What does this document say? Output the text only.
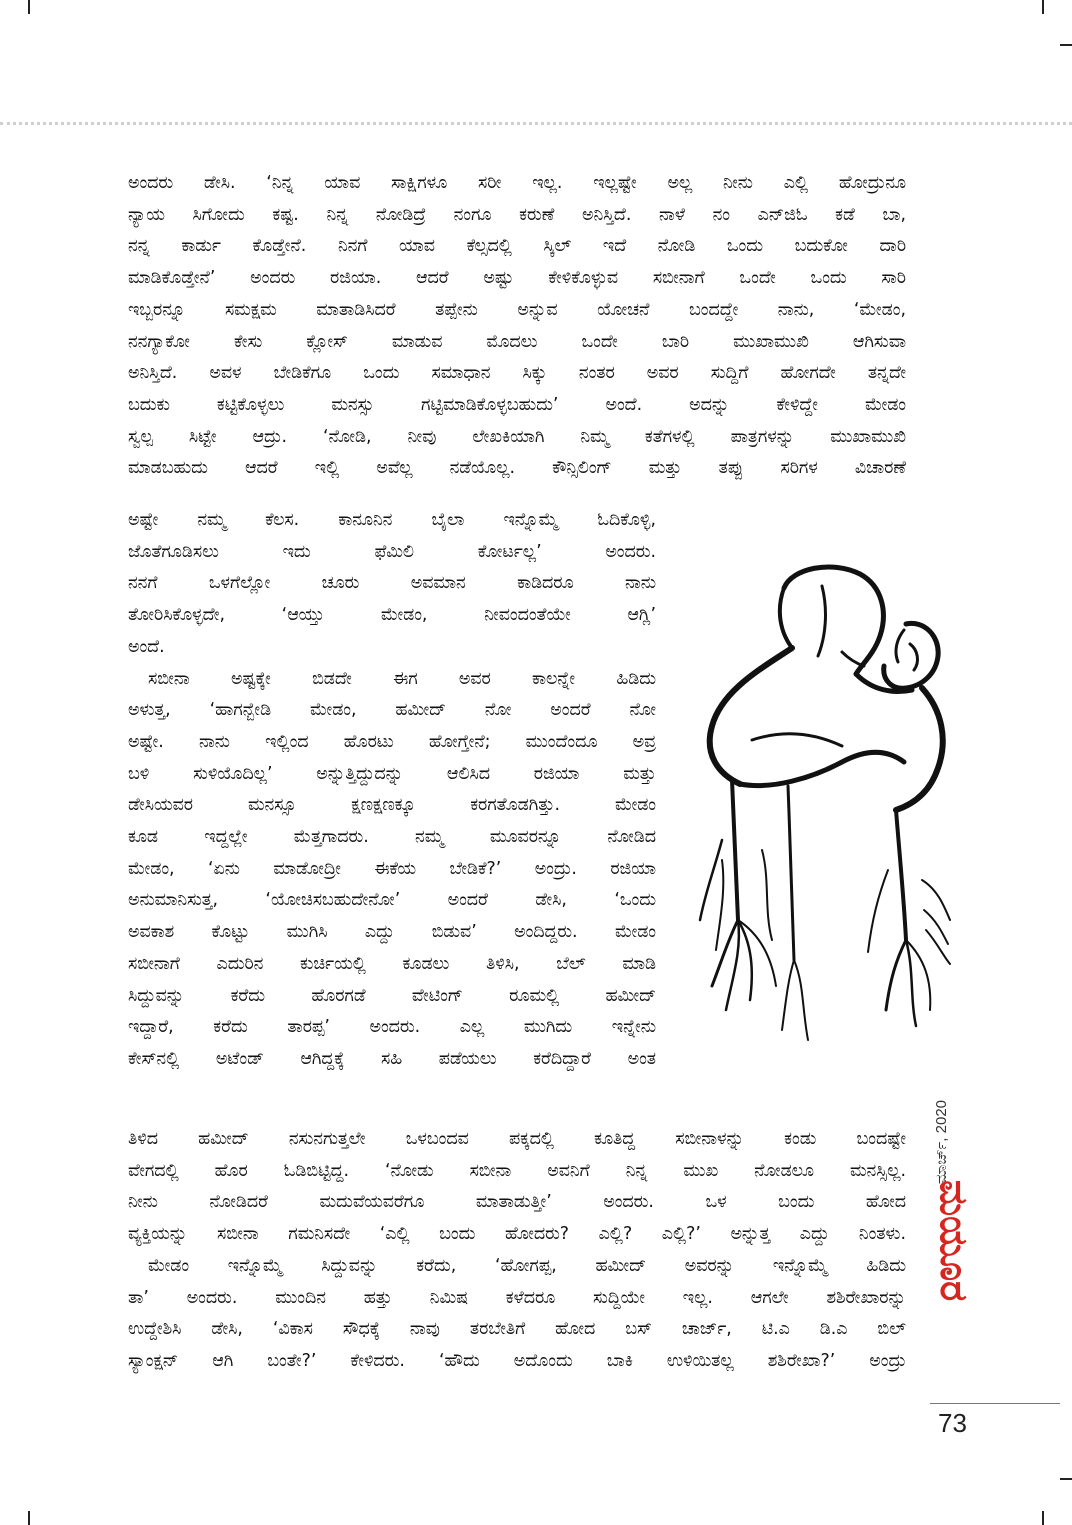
ಅಂದರು ಡೇಸಿ. ‘ನಿನ್ನ ಯಾವ ಸಾಕ್ಷಿಗಳೂ ಸರೀ ಇಲ್ಲ. ಇಲ್ಲಷ್ಟೇ ಅಲ್ಲ ನೀನು ಎಲ್ಲಿ ಹೋದ್ರುನೂ
ನ್ಯಾಯ ಸಿಗೋದು ಕಷ್ಟ. ನಿನ್ನ ನೋಡಿದ್ರೆ ನಂಗೂ ಕರುಣೆ ಅನಿಸ್ತಿದೆ. ನಾಳೆ ನಂ ಎನ್‌ಜಿಓ ಕಡೆ ಬಾ,
ನನ್ನ ಕಾರ್ಡು ಕೊಡ್ತೇನೆ. ನಿನಗೆ ಯಾವ ಕೆಲ್ಸದಲ್ಲಿ ಸ್ಕಿಲ್ ಇದೆ ನೋಡಿ ಒಂದು ಬದುಕೋ ದಾರಿ
ಮಾಡಿಕೊಡ್ತೇನೆ’ ಅಂದರು ರಜಿಯಾ. ಆದರೆ ಅಷ್ಟು ಕೇಳಿಕೊಳ್ಳುವ ಸಬೀನಾಗೆ ಒಂದೇ ಒಂದು ಸಾರಿ
ಇಬ್ಬರನ್ನೂ ಸಮಕ್ಷಮ ಮಾತಾಡಿಸಿದರೆ ತಪ್ಪೇನು ಅನ್ನುವ ಯೋಚನೆ ಬಂದದ್ದೇ ನಾನು, ‘ಮೇಡಂ,
ನನಗ್ಯಾಕೋ ಕೇಸು ಕ್ಲೋಸ್ ಮಾಡುವ ಮೊದಲು ಒಂದೇ ಬಾರಿ ಮುಖಾಮುಖಿ ಆಗಿಸುವಾ
ಅನಿಸ್ತಿದೆ. ಅವಳ ಬೇಡಿಕೆಗೂ ಒಂದು ಸಮಾಧಾನ ಸಿಕ್ಕು ನಂತರ ಅವರ ಸುದ್ದಿಗೆ ಹೋಗದೇ ತನ್ನದೇ
ಬದುಕು ಕಟ್ಟಿಕೊಳ್ಳಲು ಮನಸ್ಸು ಗಟ್ಟಿಮಾಡಿಕೊಳ್ಳಬಹುದು’ ಅಂದೆ. ಅದನ್ನು ಕೇಳಿದ್ದೇ ಮೇಡಂ
ಸ್ವಲ್ಪ ಸಿಟ್ಟೇ ಆದ್ರು. ‘ನೋಡಿ, ನೀವು ಲೇಖಕಿಯಾಗಿ ನಿಮ್ಮ ಕತೆಗಳಲ್ಲಿ ಪಾತ್ರಗಳನ್ನು ಮುಖಾಮುಖಿ
ಮಾಡಬಹುದು ಆದರೆ ಇಲ್ಲಿ ಅವೆಲ್ಲ ನಡೆಯೊಲ್ಲ. ಕೌನ್ಸಿಲಿಂಗ್ ಮತ್ತು ತಪ್ಪು ಸರಿಗಳ ವಿಚಾರಣೆ
ಅಷ್ಟೇ ನಮ್ಮ ಕೆಲಸ. ಕಾನೂನಿನ ಬೈಲಾ ಇನ್ನೊಮ್ಮೆ ಓದಿಕೊಳ್ಳಿ,
ಜೊತೆಗೂಡಿಸಲು ಇದು ಫೆಮಿಲಿ ಕೋರ್ಟಲ್ಲ’ ಅಂದರು.
ನನಗೆ ಒಳಗೆಲ್ಲೋ ಚೂರು ಅವಮಾನ ಕಾಡಿದರೂ ನಾನು
ತೋರಿಸಿಕೊಳ್ಳದೇ, ‘ಆಯ್ತು ಮೇಡಂ, ನೀವಂದಂತೆಯೇ ಆಗ್ಲಿ’
ಅಂದೆ.
ಸಬೀನಾ ಅಷ್ಟಕ್ಕೇ ಬಿಡದೇ ಈಗ ಅವರ ಕಾಲನ್ನೇ ಹಿಡಿದು
ಅಳುತ್ತ, ‘ಹಾಗನ್ಬೇಡಿ ಮೇಡಂ, ಹಮೀದ್ ನೋ ಅಂದರೆ ನೋ
ಅಷ್ಟೇ. ನಾನು ಇಲ್ಲಿಂದ ಹೊರಟು ಹೋಗ್ತೇನೆ; ಮುಂದೆಂದೂ ಅವ್ರ
ಬಳಿ ಸುಳಿಯೊದಿಲ್ಲ’ ಅನ್ನುತ್ತಿದ್ದುದನ್ನು ಆಲಿಸಿದ ರಜಿಯಾ ಮತ್ತು
ಡೇಸಿಯವರ ಮನಸ್ಸೂ ಕ್ಷಣಕ್ಷಣಕ್ಕೂ ಕರಗತೊಡಗಿತ್ತು. ಮೇಡಂ
ಕೂಡ ಇದ್ದಲ್ಲೇ ಮೆತ್ತಗಾದರು. ನಮ್ಮ ಮೂವರನ್ನೂ ನೋಡಿದ
ಮೇಡಂ, ‘ಏನು ಮಾಡೋದ್ರೀ ಈಕೆಯ ಬೇಡಿಕೆ?’ ಅಂದ್ರು. ರಜಿಯಾ
ಅನುಮಾನಿಸುತ್ತ, ‘ಯೋಚಿಸಬಹುದೇನೋ’ ಅಂದರೆ ಡೇಸಿ, ‘ಒಂದು
ಅವಕಾಶ ಕೊಟ್ಟು ಮುಗಿಸಿ ಎದ್ದು ಬಿಡುವ’ ಅಂದಿದ್ದರು. ಮೇಡಂ
ಸಬೀನಾಗೆ ಎದುರಿನ ಕುರ್ಚಿಯಲ್ಲಿ ಕೂಡಲು ತಿಳಿಸಿ, ಬೆಲ್ ಮಾಡಿ
ಸಿದ್ದುವನ್ನು ಕರೆದು ಹೊರಗಡೆ ವೇಟಿಂಗ್ ರೂಮಲ್ಲಿ ಹಮೀದ್
ಇದ್ದಾರೆ, ಕರೆದು ತಾರಪ್ಪ’ ಅಂದರು. ಎಲ್ಲ ಮುಗಿದು ಇನ್ನೇನು
ಕೇಸ್‌ನಲ್ಲಿ ಅಟೆಂಡ್ ಆಗಿದ್ದಕ್ಕೆ ಸಹಿ ಪಡೆಯಲು ಕರೆದಿದ್ದಾರೆ ಅಂತ
ತಿಳಿದ ಹಮೀದ್ ನಸುನಗುತ್ತಲೇ ಒಳಬಂದವ ಪಕ್ಕದಲ್ಲಿ ಕೂತಿದ್ದ ಸಬೀನಾಳನ್ನು ಕಂಡು ಬಂದಷ್ಟೇ
ವೇಗದಲ್ಲಿ ಹೊರ ಓಡಿಬಿಟ್ಟಿದ್ದ. ‘ನೋಡು ಸಬೀನಾ ಅವನಿಗೆ ನಿನ್ನ ಮುಖ ನೋಡಲೂ ಮನಸ್ಸಿಲ್ಲ.
ನೀನು ನೋಡಿದರೆ ಮದುವೆಯವರೆಗೂ ಮಾತಾಡುತ್ತೀ’ ಅಂದರು. ಒಳ ಬಂದು ಹೋದ
ವ್ಯಕ್ತಿಯನ್ನು ಸಬೀನಾ ಗಮನಿಸದೇ ‘ಎಲ್ಲಿ ಬಂದು ಹೋದರು? ಎಲ್ಲಿ? ಎಲ್ಲಿ?’ ಅನ್ನುತ್ತ ಎದ್ದು ನಿಂತಳು.
ಮೇಡಂ ಇನ್ನೊಮ್ಮೆ ಸಿದ್ದುವನ್ನು ಕರೆದು, ‘ಹೋಗಪ್ಪ, ಹಮೀದ್ ಅವರನ್ನು ಇನ್ನೊಮ್ಮೆ ಹಿಡಿದು
ತಾ’ ಅಂದರು. ಮುಂದಿನ ಹತ್ತು ನಿಮಿಷ ಕಳೆದರೂ ಸುದ್ದಿಯೇ ಇಲ್ಲ. ಆಗಲೇ ಶಶಿರೇಖಾರನ್ನು
ಉದ್ದೇಶಿಸಿ ಡೇಸಿ, ‘ವಿಕಾಸ ಸೌಧಕ್ಕೆ ನಾವು ತರಬೇತಿಗೆ ಹೋದ ಬಸ್ ಚಾರ್ಜ್, ಟಿ.ಎ ಡಿ.ಎ ಬಿಲ್
ಸ್ಯಾಂಕ್ಷನ್ ಆಗಿ ಬಂತೇ?’ ಕೇಳಿದರು. ‘ಹೌದು ಅದೊಂದು ಬಾಕಿ ಉಳಿಯಿತಲ್ಲ ಶಶಿರೇಖಾ?’ ಅಂದ್ರು
ಮಾರ್ಚ್, 2020
ಮಯೂರ
73
